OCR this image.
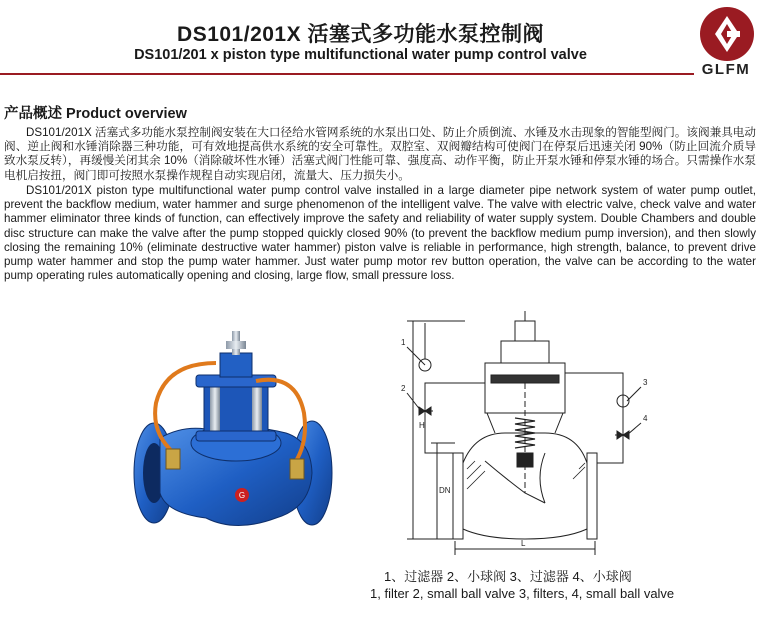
DS101/201X 活塞式多功能水泵控制阀
DS101/201 x piston type multifunctional water pump control valve
GLFM
产品概述 Product overview
DS101/201X 活塞式多功能水泵控制阀安装在大口径给水管网系统的水泵出口处、防止介质倒流、水锤及水击现象的智能型阀门。该阀兼具电动阀、逆止阀和水锤消除器三种功能，可有效地提高供水系统的安全可靠性。双腔室、双阀瓣结构可使阀门在停泵后迅速关闭 90%（防止回流介质导致水泵反转），再缓慢关闭其余 10%（消除破坏性水锤）活塞式阀门性能可靠、强度高、动作平衡，防止开泵水锤和停泵水锤的场合。只需操作水泵电机启按扭，阀门即可按照水泵操作规程自动实现启闭，流量大、压力损失小。
DS101/201X piston type multifunctional water pump control valve installed in a large diameter pipe network system of water pump outlet, prevent the backflow medium, water hammer and surge phenomenon of the intelligent valve. The valve with electric valve, check valve and water hammer eliminator three kinds of function, can effectively improve the safety and reliability of water supply system. Double Chambers and double disc structure can make the valve after the pump stopped quickly closed 90% (to prevent the backflow medium pump inversion), and then slowly closing the remaining 10% (eliminate destructive water hammer) piston valve is reliable in performance, high strength, balance, to prevent drive pump water hammer and stop the pump water hammer. Just water pump motor rev button operation, the valve can be according to the water pump operating rules automatically opening and closing, large flow, small pressure loss.
G
H
DN
L
1
2
3
4
1、过滤器 2、小球阀 3、过滤器 4、小球阀
1, filter 2, small ball valve 3, filters, 4, small ball valve
